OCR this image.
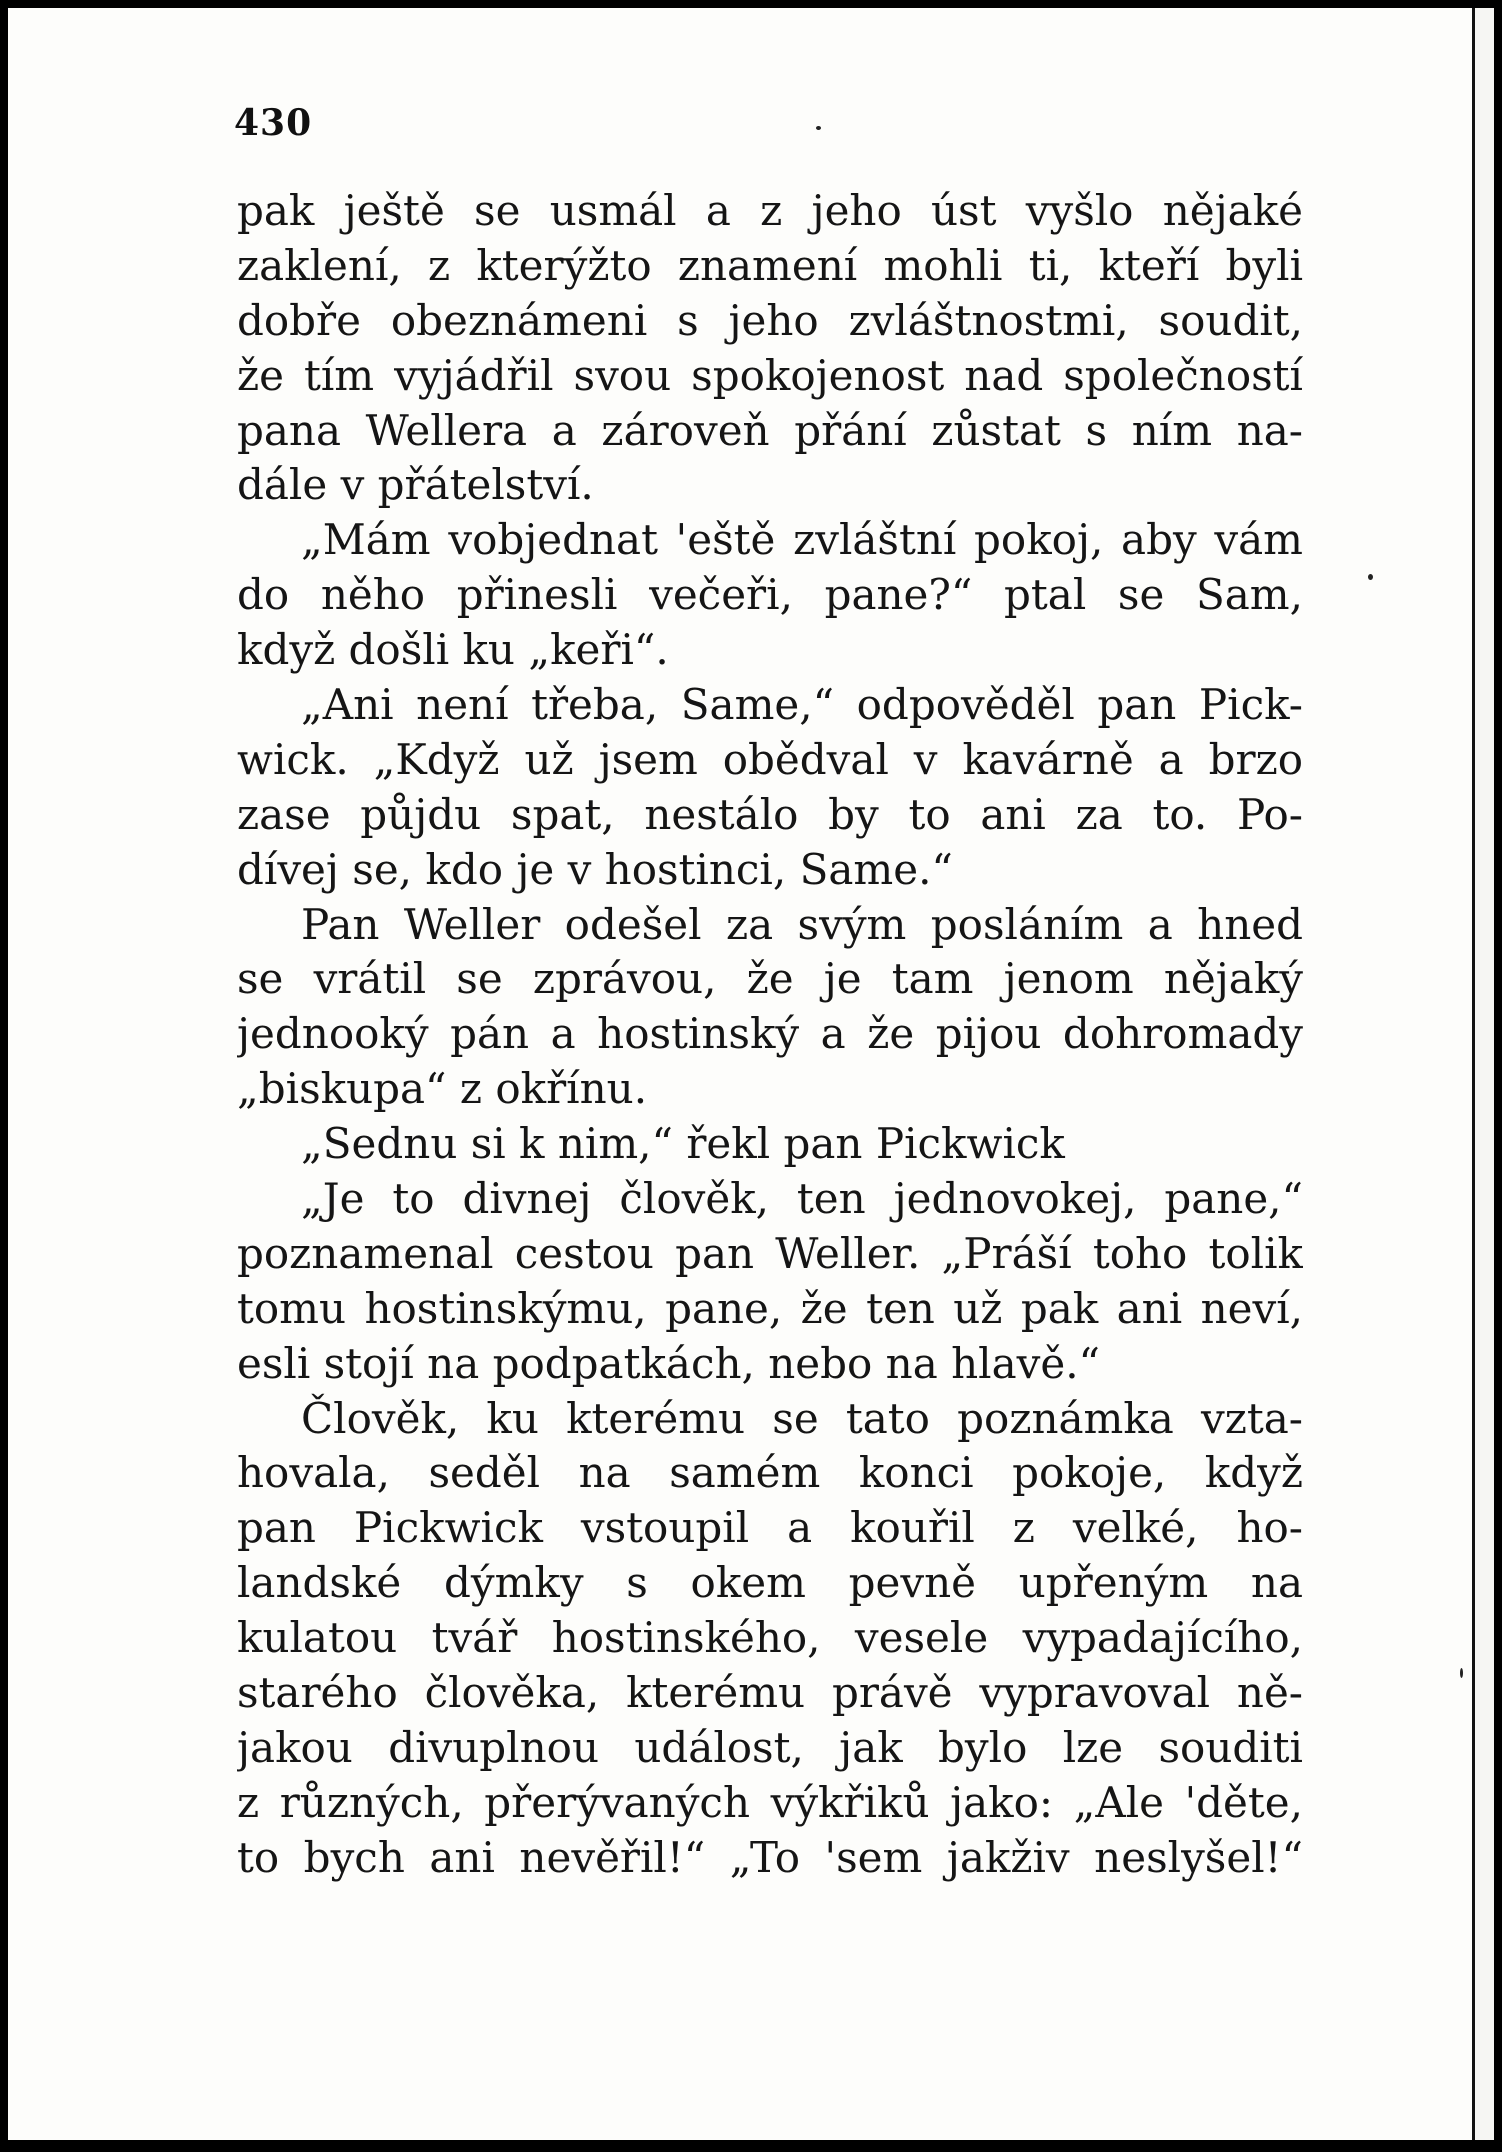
430

pak ještě se usmál a z jeho úst vyšlo nějaké
zaklení, z kterýžto znamení mohli ti, kteří byli
dobře obeznámeni s jeho zvláštnostmi, soudit,
že tím vyjádřil svou spokojenost nad společností
pana Wellera a zároveň přání zůstat s ním na-
dále v přátelství.
„Mám vobjednat 'eště zvláštní pokoj, aby vám
do něho přinesli večeři, pane?“ ptal se Sam,
když došli ku „keři“.
„Ani není třeba, Same,“ odpověděl pan Pick-
wick. „Když už jsem obědval v kavárně a brzo
zase půjdu spat, nestálo by to ani za to. Po-
dívej se, kdo je v hostinci, Same.“
Pan Weller odešel za svým posláním a hned
se vrátil se zprávou, že je tam jenom nějaký
jednooký pán a hostinský a že pijou dohromady
„biskupa“ z okřínu.
„Sednu si k nim,“ řekl pan Pickwick
„Je to divnej člověk, ten jednovokej, pane,“
poznamenal cestou pan Weller. „Práší toho tolik
tomu hostinskýmu, pane, že ten už pak ani neví,
esli stojí na podpatkách, nebo na hlavě.“
Člověk, ku kterému se tato poznámka vzta-
hovala, seděl na samém konci pokoje, když
pan Pickwick vstoupil a kouřil z velké, ho-
landské dýmky s okem pevně upřeným na
kulatou tvář hostinského, vesele vypadajícího,
starého člověka, kterému právě vypravoval ně-
jakou divuplnou událost, jak bylo lze souditi
z různých, přerývaných výkřiků jako: „Ale 'děte,
to bych ani nevěřil!“ „To 'sem jakživ neslyšel!“
